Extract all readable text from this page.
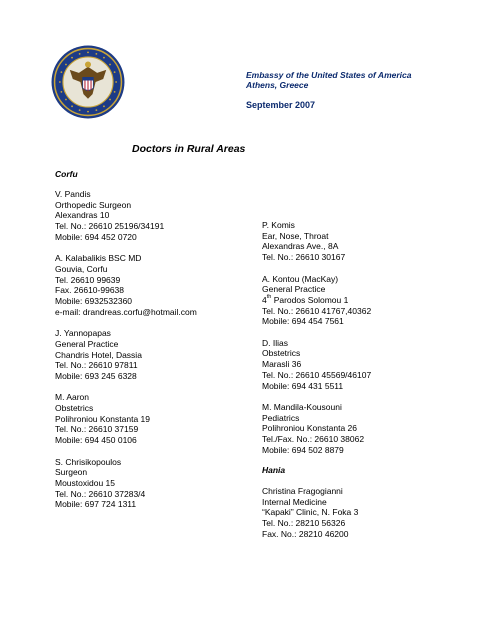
Embassy of the United States of America
Athens, Greece
September 2007
Doctors in Rural Areas
Corfu
V. Pandis
Orthopedic Surgeon
Alexandras 10
Tel. No.: 26610 25196/34191
Mobile: 694 452 0720
A. Kalabalikis BSC MD
Gouvia, Corfu
Tel. 26610 99639
Fax. 26610-99638
Mobile: 6932532360
e-mail: drandreas.corfu@hotmail.com
J. Yannopapas
General Practice
Chandris Hotel, Dassia
Tel. No.: 26610 97811
Mobile: 693 245 6328
M. Aaron
Obstetrics
Polihroniou Konstanta 19
Tel. No.: 26610 37159
Mobile: 694 450 0106
S. Chrisikopoulos
Surgeon
Moustoxidou 15
Tel. No.: 26610 37283/4
Mobile: 697 724 1311
P. Komis
Ear, Nose, Throat
Alexandras Ave., 8A
Tel. No.: 26610 30167
A. Kontou (MacKay)
General Practice
4th Parodos Solomou 1
Tel. No.: 26610 41767,40362
Mobile: 694 454 7561
D. Ilias
Obstetrics
Marasli 36
Tel. No.: 26610 45569/46107
Mobile: 694 431 5511
M. Mandila-Kousouni
Pediatrics
Polihroniou Konstanta 26
Tel./Fax. No.: 26610 38062
Mobile: 694 502 8879
Hania
Christina Fragogianni
Internal Medicine
“Kapaki” Clinic, N. Foka 3
Tel. No.: 28210 56326
Fax. No.: 28210 46200
